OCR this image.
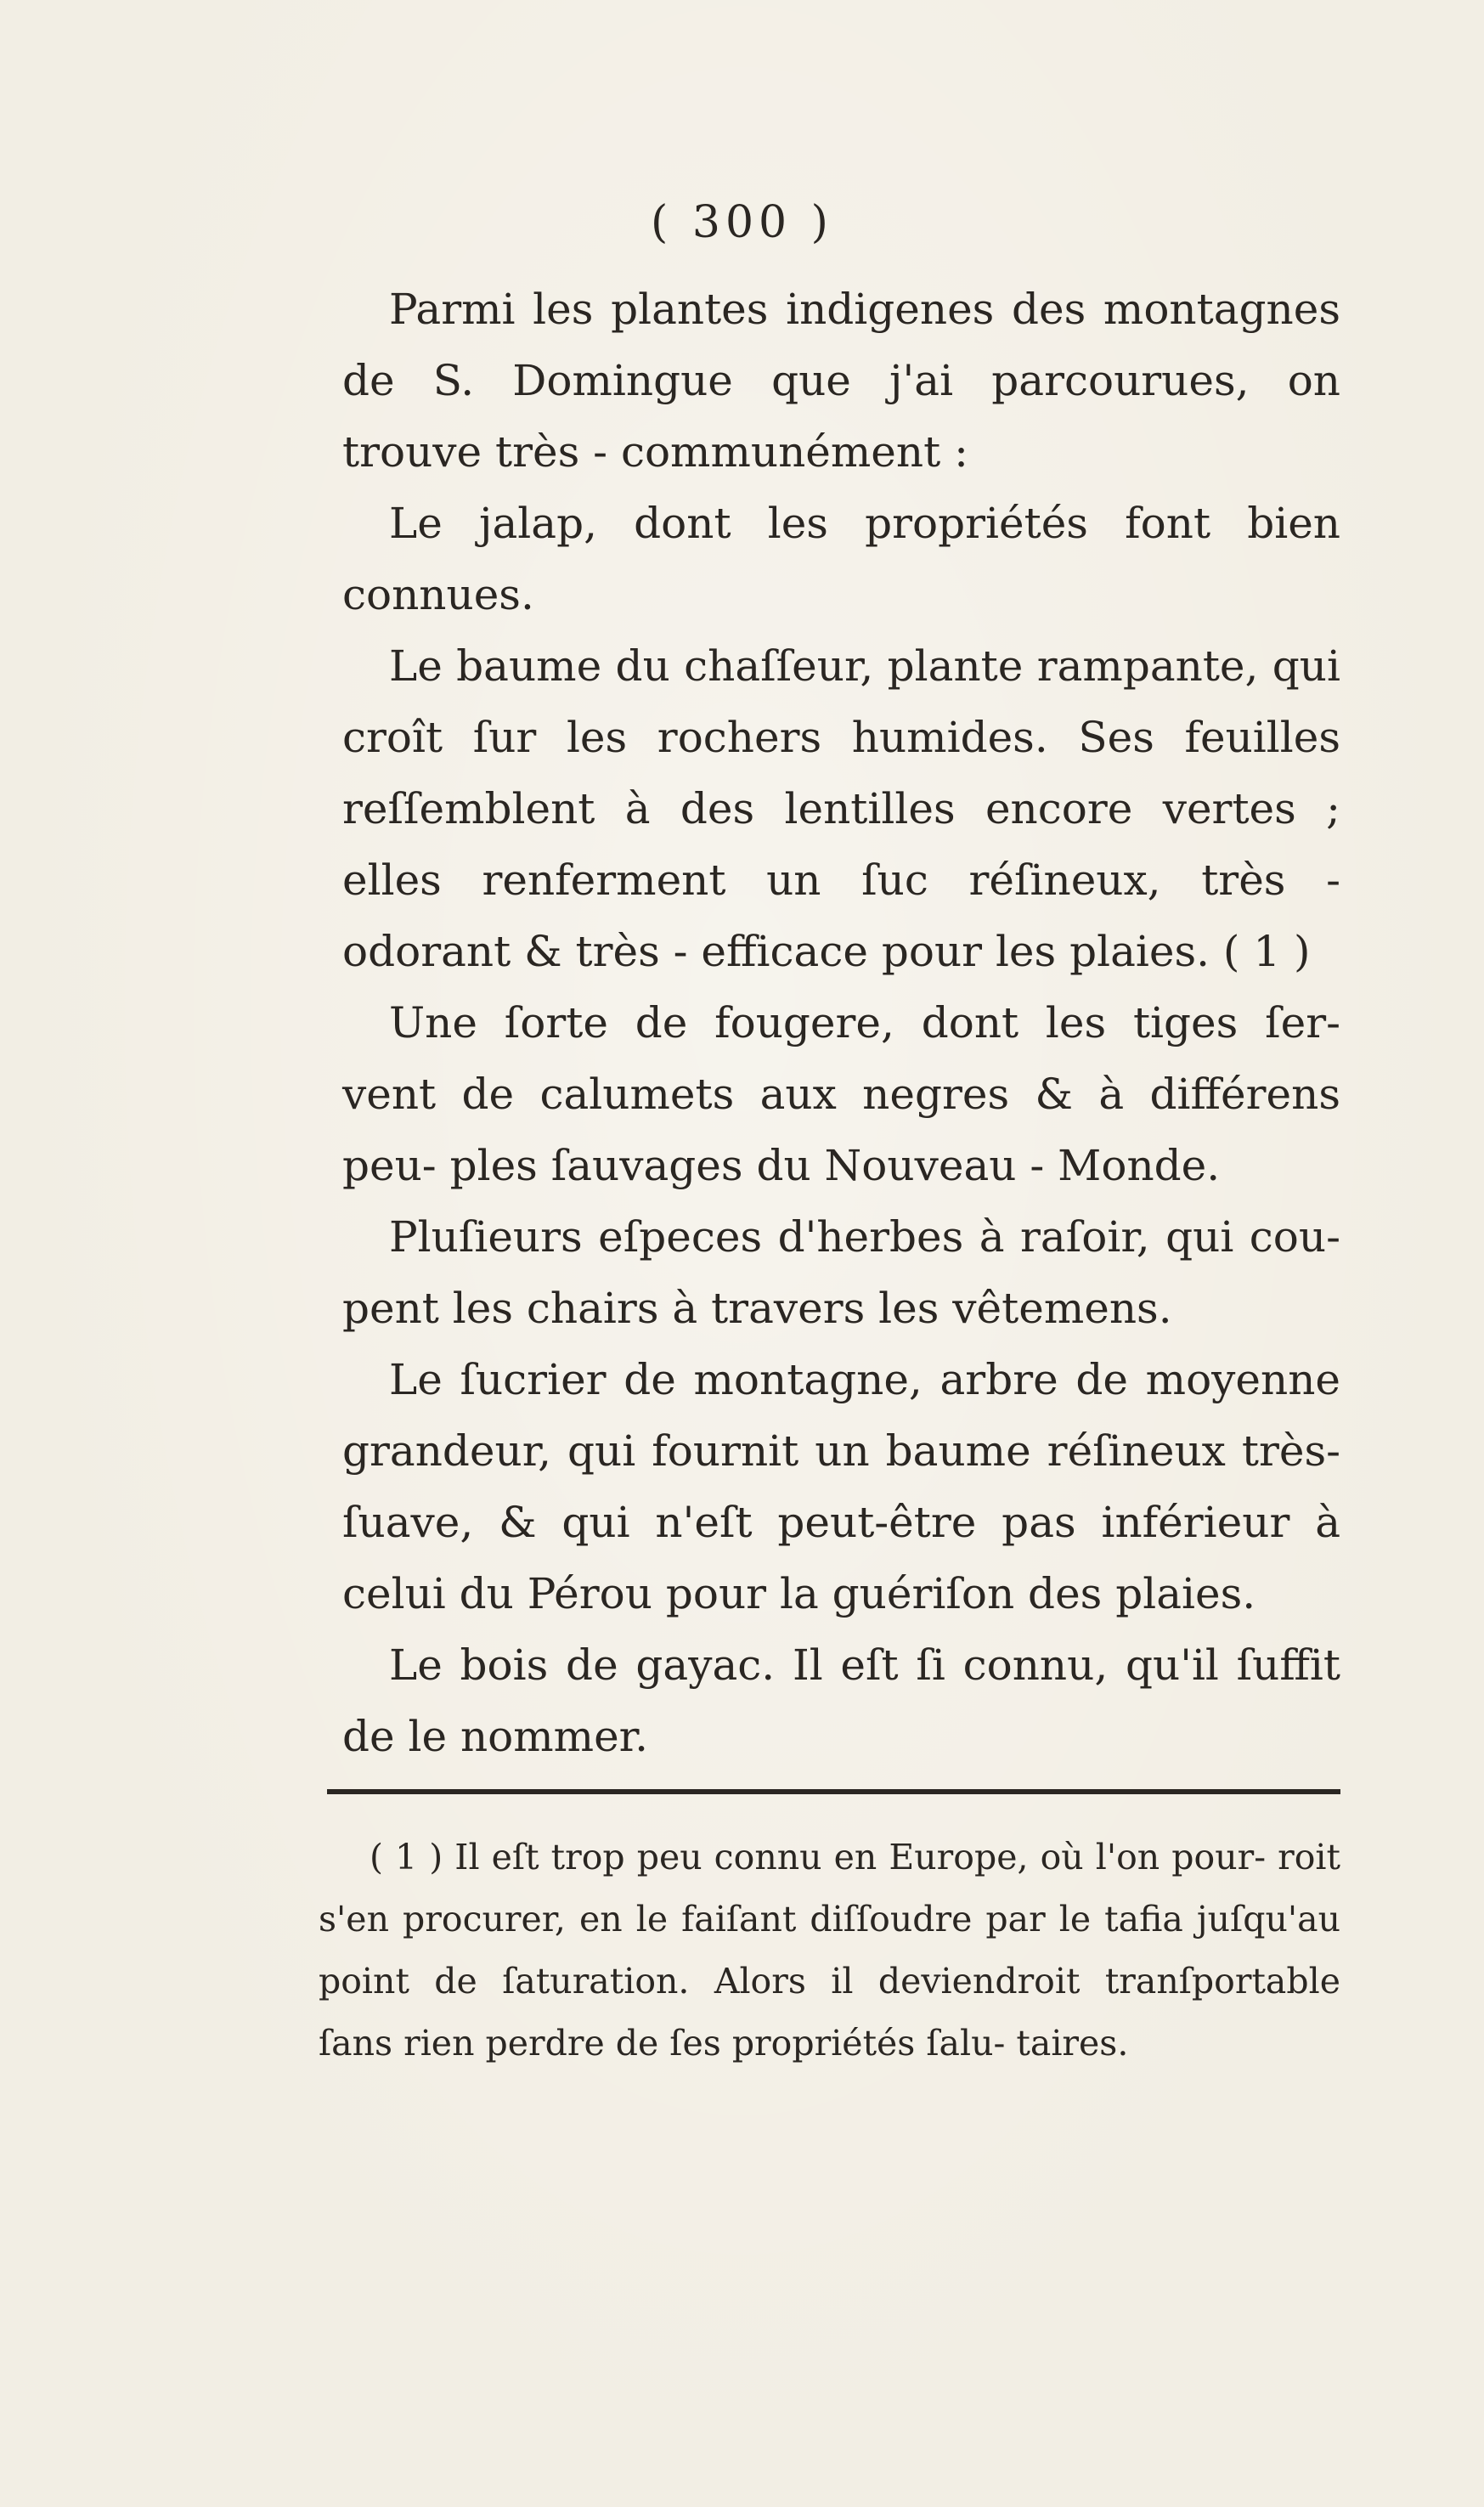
( 300 )

Parmi les plantes indigenes des montagnes de S. Domingue que j'ai parcourues, on trouve très - communément :

Le jalap, dont les propriétés font bien connues.

Le baume du chaſſeur, plante rampante, qui croît ſur les rochers humides. Ses feuilles reſſemblent à des lentilles encore vertes ; elles renferment un ſuc réſineux, très - odorant & très - efficace pour les plaies. ( 1 )

Une ſorte de fougere, dont les tiges ſer- vent de calumets aux negres & à différens peu- ples ſauvages du Nouveau - Monde.

Pluſieurs eſpeces d'herbes à raſoir, qui cou- pent les chairs à travers les vêtemens.

Le ſucrier de montagne, arbre de moyenne grandeur, qui fournit un baume réſineux très- ſuave, & qui n'eſt peut-être pas inférieur à celui du Pérou pour la guériſon des plaies.

Le bois de gayac. Il eſt ſi connu, qu'il ſuffit de le nommer.

( 1 ) Il eſt trop peu connu en Europe, où l'on pour- roit s'en procurer, en le faiſant diſſoudre par le tafia juſqu'au point de ſaturation. Alors il deviendroit tranſportable ſans rien perdre de ſes propriétés ſalu- taires.
